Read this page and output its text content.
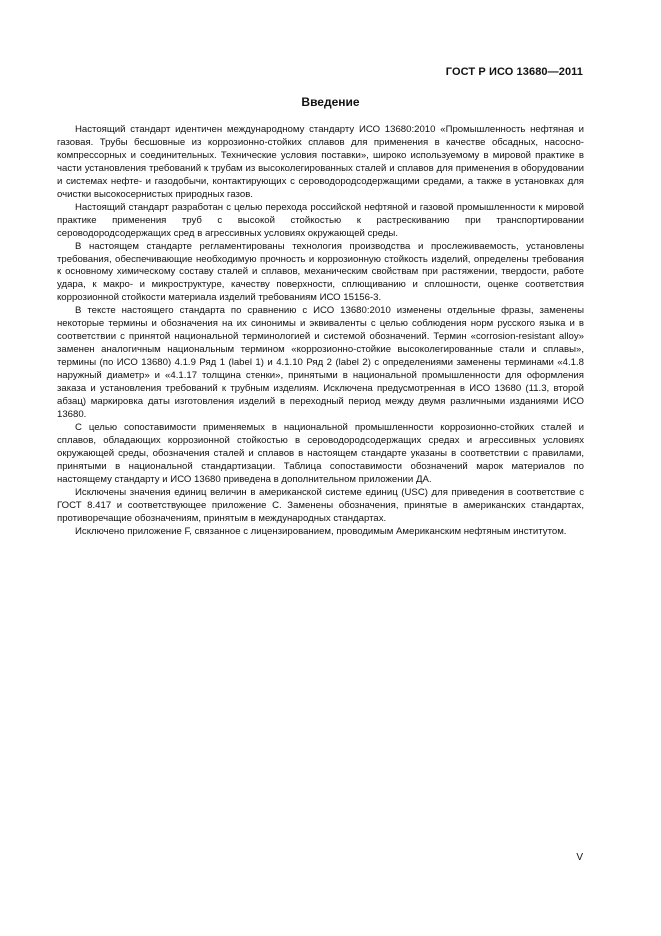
ГОСТ Р ИСО 13680—2011
Введение

Настоящий стандарт идентичен международному стандарту ИСО 13680:2010 «Промышленность нефтяная и газовая. Трубы бесшовные из коррозионно-стойких сплавов для применения в качестве обсадных, насосно-компрессорных и соединительных. Технические условия поставки», широко используемому в мировой практике в части установления требований к трубам из высоколегированных сталей и сплавов для применения в оборудовании и системах нефте- и газодобычи, контактирующих с сероводородсодержащими средами, а также в установках для очистки высокосернистых природных газов.

Настоящий стандарт разработан с целью перехода российской нефтяной и газовой промышленности к мировой практике применения труб с высокой стойкостью к растрескиванию при транспортировании сероводородсодержащих сред в агрессивных условиях окружающей среды.

В настоящем стандарте регламентированы технология производства и прослеживаемость, установлены требования, обеспечивающие необходимую прочность и коррозионную стойкость изделий, определены требования к основному химическому составу сталей и сплавов, механическим свойствам при растяжении, твердости, работе удара, к макро- и микроструктуре, качеству поверхности, сплющиванию и сплошности, оценке соответствия коррозионной стойкости материала изделий требованиям ИСО 15156-3.

В тексте настоящего стандарта по сравнению с ИСО 13680:2010 изменены отдельные фразы, заменены некоторые термины и обозначения на их синонимы и эквиваленты с целью соблюдения норм русского языка и в соответствии с принятой национальной терминологией и системой обозначений. Термин «corrosion-resistant alloy» заменен аналогичным национальным термином «коррозионно-стойкие высоколегированные стали и сплавы», термины (по ИСО 13680) 4.1.9 Ряд 1 (label 1) и 4.1.10 Ряд 2 (label 2) с определениями заменены терминами «4.1.8 наружный диаметр» и «4.1.17 толщина стенки», принятыми в национальной промышленности для оформления заказа и установления требований к трубным изделиям. Исключена предусмотренная в ИСО 13680 (11.3, второй абзац) маркировка даты изготовления изделий в переходный период между двумя различными изданиями ИСО 13680.

С целью сопоставимости применяемых в национальной промышленности коррозионно-стойких сталей и сплавов, обладающих коррозионной стойкостью в сероводородсодержащих средах и агрессивных условиях окружающей среды, обозначения сталей и сплавов в настоящем стандарте указаны в соответствии с правилами, принятыми в национальной стандартизации. Таблица сопоставимости обозначений марок материалов по настоящему стандарту и ИСО 13680 приведена в дополнительном приложении ДА.

Исключены значения единиц величин в американской системе единиц (USC) для приведения в соответствие с ГОСТ 8.417 и соответствующее приложение С. Заменены обозначения, принятые в американских стандартах, противоречащие обозначениям, принятым в международных стандартах.

Исключено приложение F, связанное с лицензированием, проводимым Американским нефтяным институтом.

V
